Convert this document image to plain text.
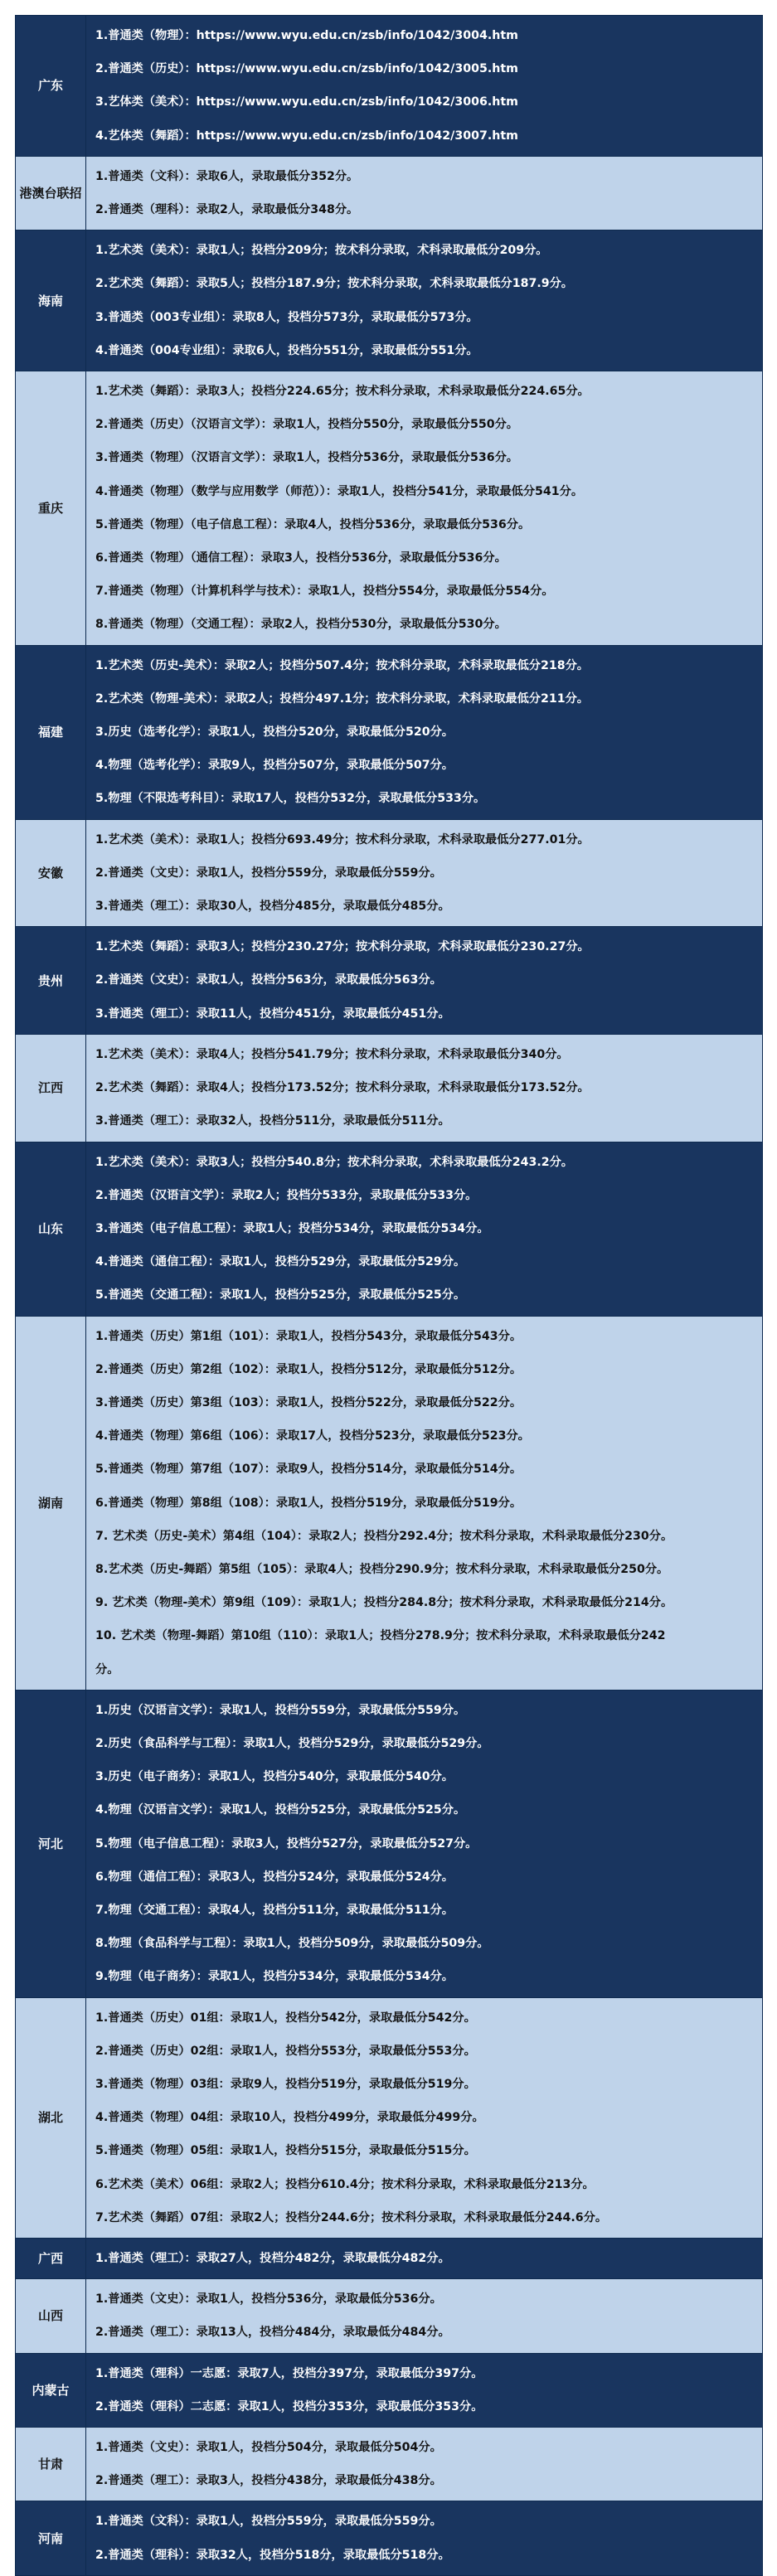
广东
1.普通类（物理）：https://www.wyu.edu.cn/zsb/info/1042/3004.htm
2.普通类（历史）：https://www.wyu.edu.cn/zsb/info/1042/3005.htm
3.艺体类（美术）：https://www.wyu.edu.cn/zsb/info/1042/3006.htm
4.艺体类（舞蹈）：https://www.wyu.edu.cn/zsb/info/1042/3007.htm
港澳台联招
1.普通类（文科）：录取6人，录取最低分352分。
2.普通类（理科）：录取2人，录取最低分348分。
海南
1.艺术类（美术）：录取1人；投档分209分；按术科分录取，术科录取最低分209分。
2.艺术类（舞蹈）：录取5人；投档分187.9分；按术科分录取，术科录取最低分187.9分。
3.普通类（003专业组）：录取8人，投档分573分，录取最低分573分。
4.普通类（004专业组）：录取6人，投档分551分，录取最低分551分。
重庆
1.艺术类（舞蹈）：录取3人；投档分224.65分；按术科分录取，术科录取最低分224.65分。
2.普通类（历史）（汉语言文学）：录取1人，投档分550分，录取最低分550分。
3.普通类（物理）（汉语言文学）：录取1人，投档分536分，录取最低分536分。
4.普通类（物理）（数学与应用数学（师范））：录取1人，投档分541分，录取最低分541分。
5.普通类（物理）（电子信息工程）：录取4人，投档分536分，录取最低分536分。
6.普通类（物理）（通信工程）：录取3人，投档分536分，录取最低分536分。
7.普通类（物理）（计算机科学与技术）：录取1人，投档分554分，录取最低分554分。
8.普通类（物理）（交通工程）：录取2人，投档分530分，录取最低分530分。
福建
1.艺术类（历史-美术）：录取2人；投档分507.4分；按术科分录取，术科录取最低分218分。
2.艺术类（物理-美术）：录取2人；投档分497.1分；按术科分录取，术科录取最低分211分。
3.历史（选考化学）：录取1人，投档分520分，录取最低分520分。
4.物理（选考化学）：录取9人，投档分507分，录取最低分507分。
5.物理（不限选考科目）：录取17人，投档分532分，录取最低分533分。
安徽
1.艺术类（美术）：录取1人；投档分693.49分；按术科分录取，术科录取最低分277.01分。
2.普通类（文史）：录取1人，投档分559分，录取最低分559分。
3.普通类（理工）：录取30人，投档分485分，录取最低分485分。
贵州
1.艺术类（舞蹈）：录取3人；投档分230.27分；按术科分录取，术科录取最低分230.27分。
2.普通类（文史）：录取1人，投档分563分，录取最低分563分。
3.普通类（理工）：录取11人，投档分451分，录取最低分451分。
江西
1.艺术类（美术）：录取4人；投档分541.79分；按术科分录取，术科录取最低分340分。
2.艺术类（舞蹈）：录取4人；投档分173.52分；按术科分录取，术科录取最低分173.52分。
3.普通类（理工）：录取32人，投档分511分，录取最低分511分。
山东
1.艺术类（美术）：录取3人；投档分540.8分；按术科分录取，术科录取最低分243.2分。
2.普通类（汉语言文学）：录取2人；投档分533分，录取最低分533分。
3.普通类（电子信息工程）：录取1人；投档分534分，录取最低分534分。
4.普通类（通信工程）：录取1人，投档分529分，录取最低分529分。
5.普通类（交通工程）：录取1人，投档分525分，录取最低分525分。
湖南
1.普通类（历史）第1组（101）：录取1人，投档分543分，录取最低分543分。
2.普通类（历史）第2组（102）：录取1人，投档分512分，录取最低分512分。
3.普通类（历史）第3组（103）：录取1人，投档分522分，录取最低分522分。
4.普通类（物理）第6组（106）：录取17人，投档分523分，录取最低分523分。
5.普通类（物理）第7组（107）：录取9人，投档分514分，录取最低分514分。
6.普通类（物理）第8组（108）：录取1人，投档分519分，录取最低分519分。
7. 艺术类（历史-美术）第4组（104）：录取2人；投档分292.4分；按术科分录取，术科录取最低分230分。
8.艺术类（历史-舞蹈）第5组（105）：录取4人；投档分290.9分；按术科分录取，术科录取最低分250分。
9. 艺术类（物理-美术）第9组（109）：录取1人；投档分284.8分；按术科分录取，术科录取最低分214分。
10. 艺术类（物理-舞蹈）第10组（110）：录取1人；投档分278.9分；按术科分录取，术科录取最低分242
分。
河北
1.历史（汉语言文学）：录取1人，投档分559分，录取最低分559分。
2.历史（食品科学与工程）：录取1人，投档分529分，录取最低分529分。
3.历史（电子商务）：录取1人，投档分540分，录取最低分540分。
4.物理（汉语言文学）：录取1人，投档分525分，录取最低分525分。
5.物理（电子信息工程）：录取3人，投档分527分，录取最低分527分。
6.物理（通信工程）：录取3人，投档分524分，录取最低分524分。
7.物理（交通工程）：录取4人，投档分511分，录取最低分511分。
8.物理（食品科学与工程）：录取1人，投档分509分，录取最低分509分。
9.物理（电子商务）：录取1人，投档分534分，录取最低分534分。
湖北
1.普通类（历史）01组：录取1人，投档分542分，录取最低分542分。
2.普通类（历史）02组：录取1人，投档分553分，录取最低分553分。
3.普通类（物理）03组：录取9人，投档分519分，录取最低分519分。
4.普通类（物理）04组：录取10人，投档分499分，录取最低分499分。
5.普通类（物理）05组：录取1人，投档分515分，录取最低分515分。
6.艺术类（美术）06组：录取2人；投档分610.4分；按术科分录取，术科录取最低分213分。
7.艺术类（舞蹈）07组：录取2人；投档分244.6分；按术科分录取，术科录取最低分244.6分。
广西	1.普通类（理工）：录取27人，投档分482分，录取最低分482分。
山西
1.普通类（文史）：录取1人，投档分536分，录取最低分536分。
2.普通类（理工）：录取13人，投档分484分，录取最低分484分。
内蒙古
1.普通类（理科）一志愿：录取7人，投档分397分，录取最低分397分。
2.普通类（理科）二志愿：录取1人，投档分353分，录取最低分353分。
甘肃
1.普通类（文史）：录取1人，投档分504分，录取最低分504分。
2.普通类（理工）：录取3人，投档分438分，录取最低分438分。
河南
1.普通类（文科）：录取1人，投档分559分，录取最低分559分。
2.普通类（理科）：录取32人，投档分518分，录取最低分518分。
